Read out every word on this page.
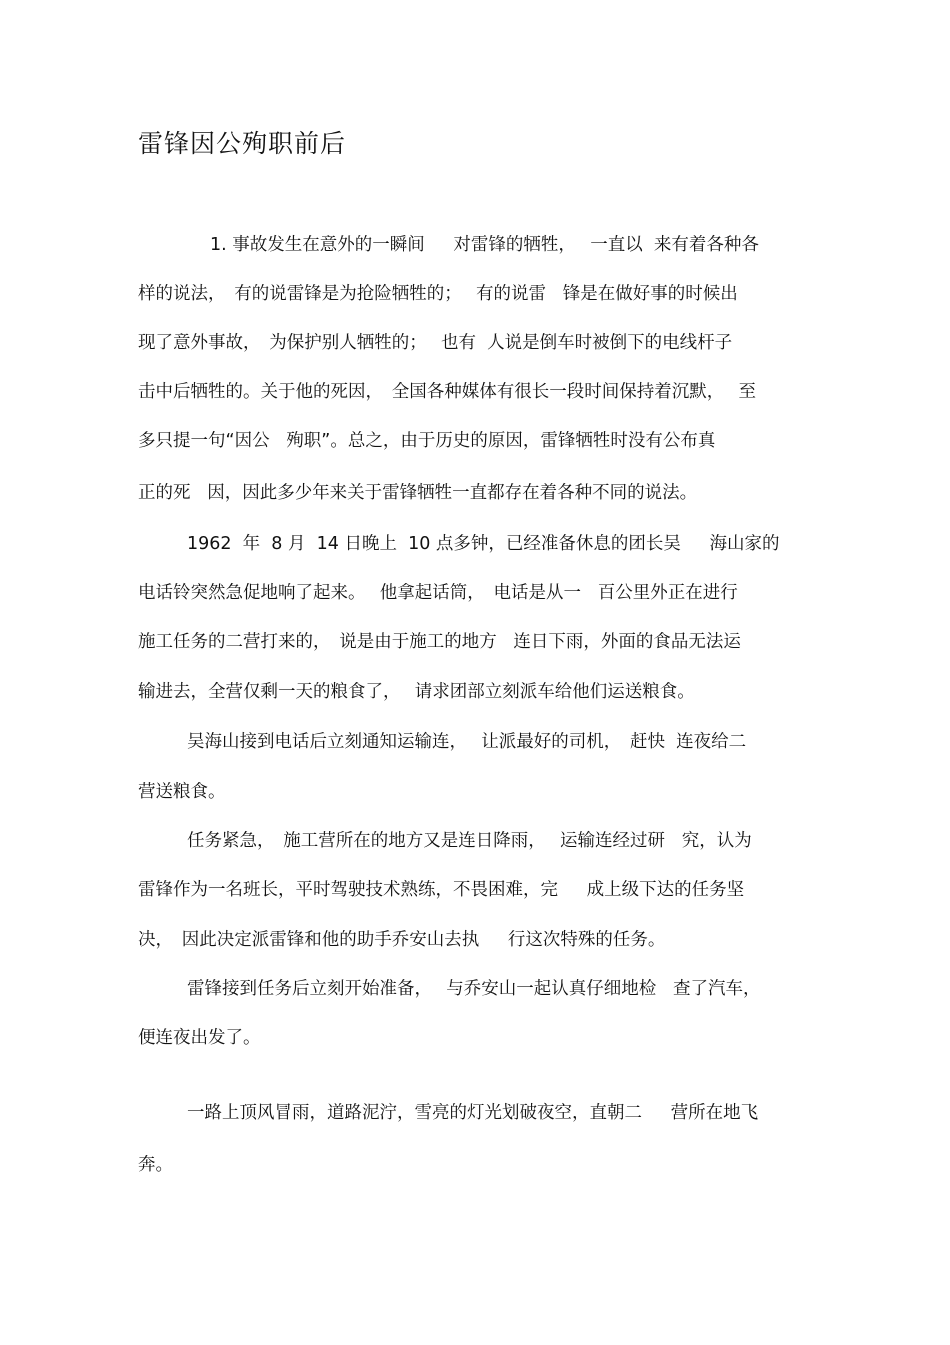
雷锋因公殉职前后
1. 事故发生在意外的一瞬间 　 对雷锋的牺牲，　 一直以  来有着各种各
样的说法，　有的说雷锋是为抢险牺牲的；　 有的说雷   锋是在做好事的时候出
现了意外事故，　为保护别人牺牲的；　 也有  人说是倒车时被倒下的电线杆子
击中后牺牲的。关于他的死因，　全国各种媒体有很长一段时间保持着沉默，　 至
多只提一句“因公   殉职”。总之，由于历史的原因，雷锋牺牲时没有公布真
正的死   因，因此多少年来关于雷锋牺牲一直都存在着各种不同的说法。
1962  年  8 月  14 日晚上  10 点多钟，已经准备休息的团长吴 　 海山家的
电话铃突然急促地响了起来。　 他拿起话筒，　电话是从一   百公里外正在进行
施工任务的二营打来的，　说是由于施工的地方   连日下雨，外面的食品无法运
输进去，全营仅剩一天的粮食了，　 请求团部立刻派车给他们运送粮食。
吴海山接到电话后立刻通知运输连，　 让派最好的司机，　赶快  连夜给二
营送粮食。
任务紧急，　施工营所在的地方又是连日降雨，　 运输连经过研   究，认为
雷锋作为一名班长，平时驾驶技术熟练，不畏困难，完 　 成上级下达的任务坚
决，　因此决定派雷锋和他的助手乔安山去执 　 行这次特殊的任务。
雷锋接到任务后立刻开始准备，　 与乔安山一起认真仔细地检   查了汽车，
便连夜出发了。
一路上顶风冒雨，道路泥泞，雪亮的灯光划破夜空，直朝二 　 营所在地飞
奔。
